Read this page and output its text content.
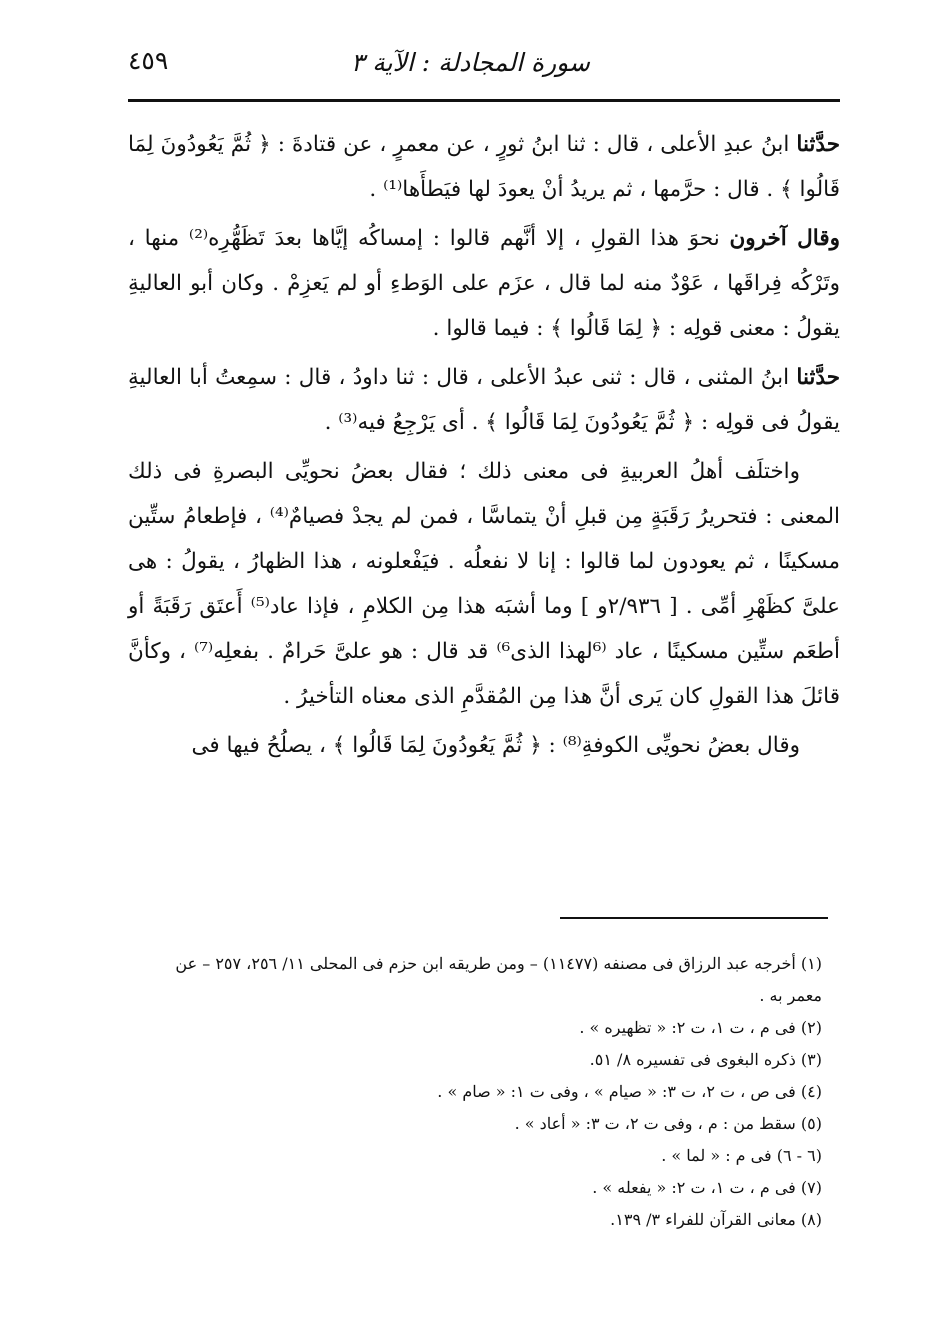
سورة المجادلة : الآية ٣
٤٥٩

حدَّثنا ابنُ عبدِ الأعلى ، قال : ثنا ابنُ ثورٍ ، عن معمرٍ ، عن قتادةَ : ﴿ ثُمَّ يَعُودُونَ لِمَا قَالُوا ﴾ . قال : حرَّمها ، ثم يريدُ أنْ يعودَ لها فيَطأَها⁽¹⁾ .

وقال آخرون نحوَ هذا القولِ ، إلا أنَّهم قالوا : إمساكُه إيَّاها بعدَ تَظَهُّرِه⁽²⁾ منها ، وتَرْكُه فِراقَها ، عَوْدٌ منه لما قال ، عزَم على الوَطءِ أو لم يَعزِمْ . وكان أبو العاليةِ يقولُ : معنى قولِه : ﴿ لِمَا قَالُوا ﴾ : فيما قالوا .

حدَّثنا ابنُ المثنى ، قال : ثنى عبدُ الأعلى ، قال : ثنا داودُ ، قال : سمِعتُ أبا العاليةِ يقولُ فى قولِه : ﴿ ثُمَّ يَعُودُونَ لِمَا قَالُوا ﴾ . أى يَرْجِعُ فيه⁽³⁾ .

واختلَف أهلُ العربيةِ فى معنى ذلك ؛ فقال بعضُ نحويِّى البصرةِ فى ذلك المعنى : فتحريرُ رَقَبَةٍ مِن قبلِ أنْ يتماسَّا ، فمن لم يجدْ فصيامٌ⁽⁴⁾ ، فإطعامُ ستِّين مسكينًا ، ثم يعودون لما قالوا : إنا لا نفعلُه . فيَفْعلونه ، هذا الظهارُ ، يقولُ : هى علىَّ كظَهْرِ أمِّى . [ ٢/٩٣٦و ] وما أشبَه هذا مِن الكلامِ ، فإذا عاد⁽⁵⁾ أَعتَق رَقَبَةً أو أطعَم ستِّين مسكينًا ، عاد ⁽⁶لهذا الذى⁶⁾ قد قال : هو علىَّ حَرامٌ . بفعلِه⁽⁷⁾ ، وكأنَّ قائلَ هذا القولِ كان يَرى أنَّ هذا مِن المُقدَّمِ الذى معناه التأخيرُ .

وقال بعضُ نحويِّى الكوفةِ⁽⁸⁾ : ﴿ ثُمَّ يَعُودُونَ لِمَا قَالُوا ﴾ ، يصلُحُ فيها فى

(١) أخرجه عبد الرزاق فى مصنفه (١١٤٧٧) – ومن طريقه ابن حزم فى المحلى ١١/ ٢٥٦، ٢٥٧ – عن

معمر به .

(٢) فى م ، ت ١، ت ٢: « تظهيره » .

(٣) ذكره البغوى فى تفسيره ٨/ ٥١.

(٤) فى ص ، ت ٢، ت ٣: « صيام » ، وفى ت ١: « صام » .

(٥) سقط من : م ، وفى ت ٢، ت ٣: « أعاد » .

(٦ - ٦) فى م : « لما » .

(٧) فى م ، ت ١، ت ٢: « يفعله » .

(٨) معانى القرآن للفراء ٣/ ١٣٩.
